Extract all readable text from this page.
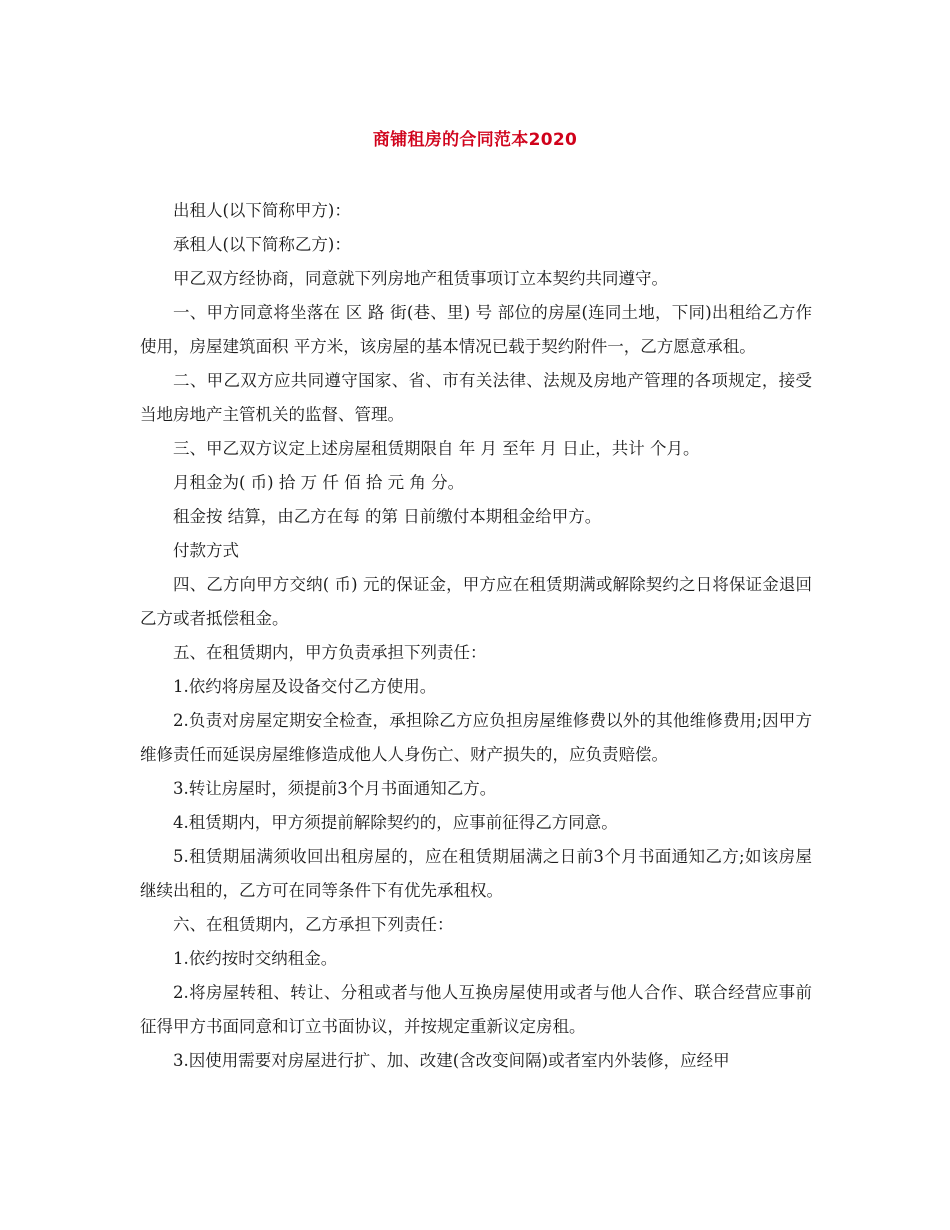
商铺租房的合同范本2020

出租人(以下简称甲方)：

承租人(以下简称乙方)：

甲乙双方经协商，同意就下列房地产租赁事项订立本契约共同遵守。

一、甲方同意将坐落在 区 路 街(巷、里) 号 部位的房屋(连同土地，下同)出租给乙方作 使用，房屋建筑面积 平方米，该房屋的基本情况已载于契约附件一，乙方愿意承租。

二、甲乙双方应共同遵守国家、省、市有关法律、法规及房地产管理的各项规定，接受当地房地产主管机关的监督、管理。

三、甲乙双方议定上述房屋租赁期限自 年 月 至年 月 日止，共计 个月。

月租金为( 币) 拾 万 仟 佰 拾 元 角 分。

租金按 结算，由乙方在每 的第 日前缴付本期租金给甲方。

付款方式

四、乙方向甲方交纳( 币) 元的保证金，甲方应在租赁期满或解除契约之日将保证金退回乙方或者抵偿租金。

五、在租赁期内，甲方负责承担下列责任：

1.依约将房屋及设备交付乙方使用。

2.负责对房屋定期安全检查，承担除乙方应负担房屋维修费以外的其他维修费用;因甲方维修责任而延误房屋维修造成他人人身伤亡、财产损失的，应负责赔偿。

3.转让房屋时，须提前3个月书面通知乙方。

4.租赁期内，甲方须提前解除契约的，应事前征得乙方同意。

5.租赁期届满须收回出租房屋的，应在租赁期届满之日前3个月书面通知乙方;如该房屋继续出租的，乙方可在同等条件下有优先承租权。

六、在租赁期内，乙方承担下列责任：

1.依约按时交纳租金。

2.将房屋转租、转让、分租或者与他人互换房屋使用或者与他人合作、联合经营应事前征得甲方书面同意和订立书面协议，并按规定重新议定房租。

3.因使用需要对房屋进行扩、加、改建(含改变间隔)或者室内外装修，应经甲
